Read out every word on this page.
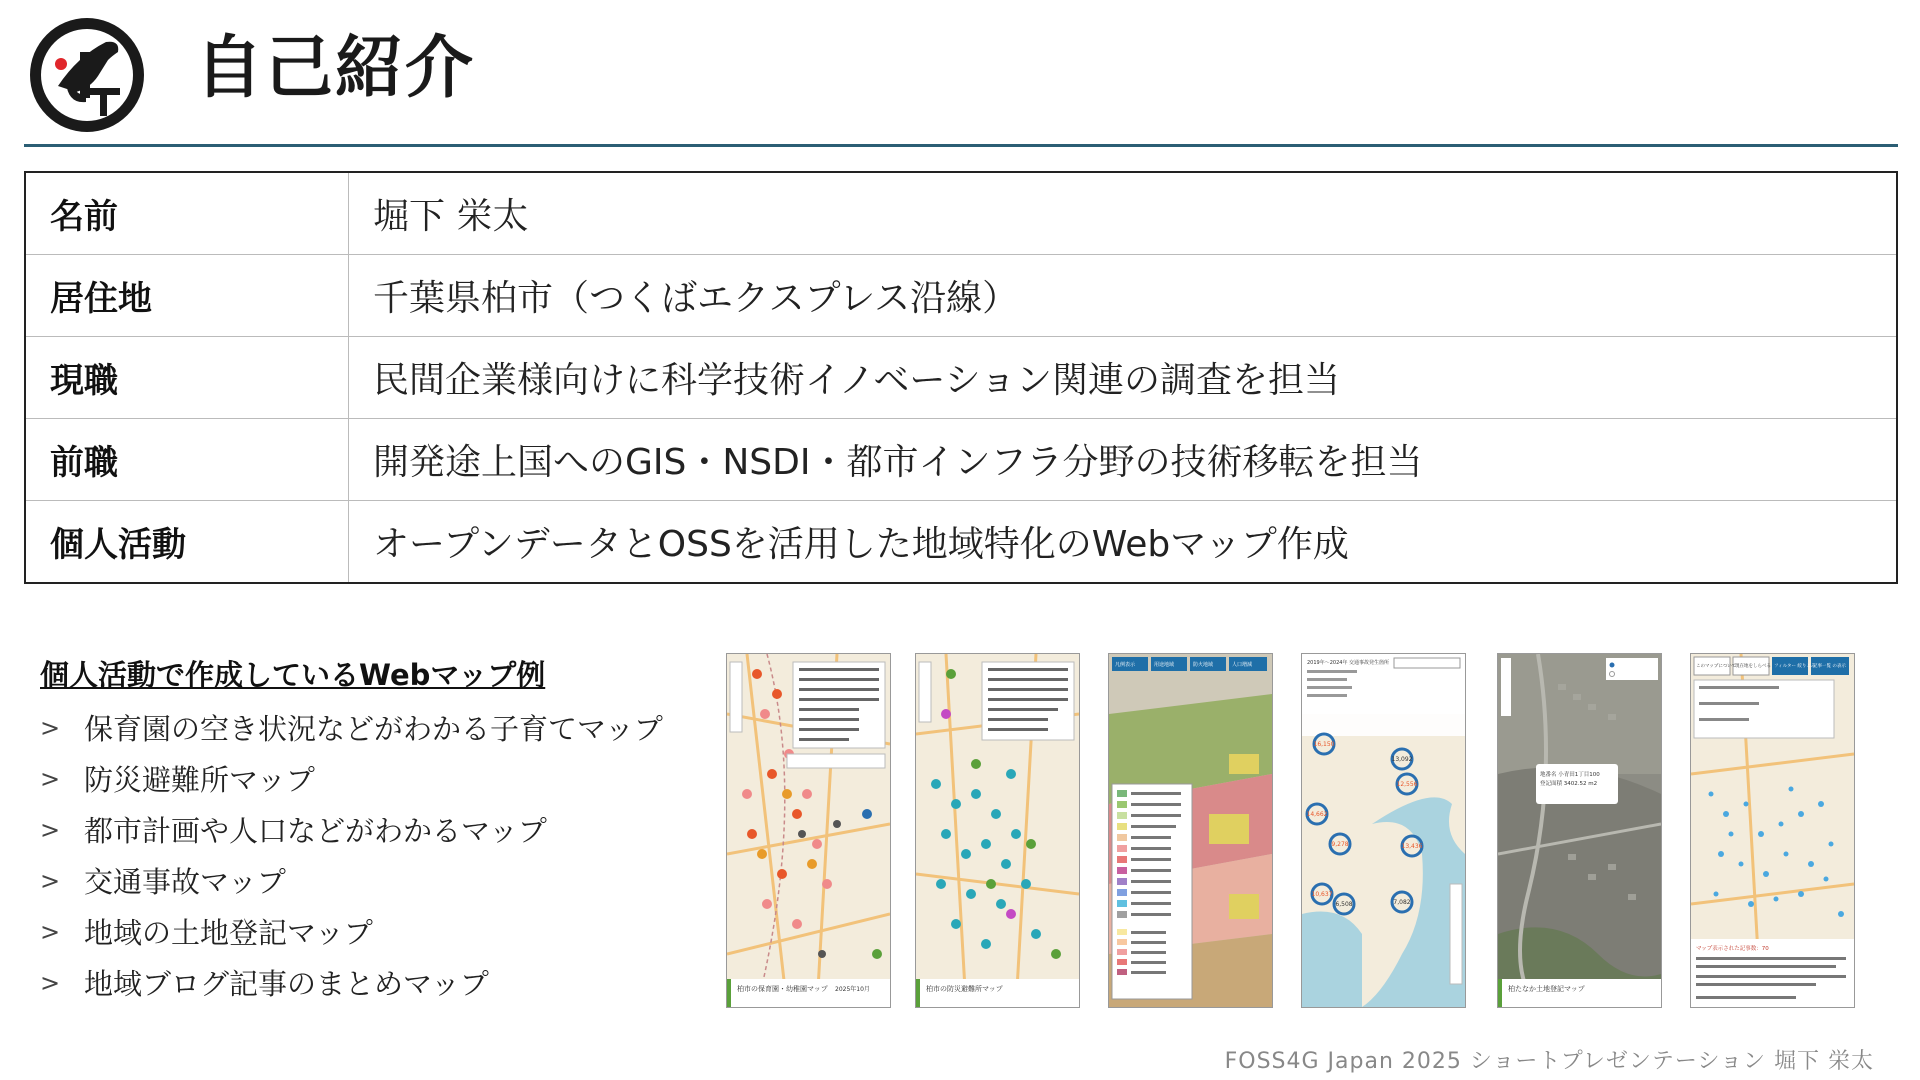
自己紹介
名前	堀下 栄太
居住地	千葉県柏市（つくばエクスプレス沿線）
現職	民間企業様向けに科学技術イノベーション関連の調査を担当
前職	開発途上国へのGIS・NSDI・都市インフラ分野の技術移転を担当
個人活動	オープンデータとOSSを活用した地域特化のWebマップ作成
個人活動で作成しているWebマップ例
> 保育園の空き状況などがわかる子育てマップ
> 防災避難所マップ
> 都市計画や人口などがわかるマップ
> 交通事故マップ
> 地域の土地登記マップ
> 地域ブログ記事のまとめマップ	柏市の保育園・幼稚園マップ 2025年10月	柏市の防災避難所マップ
凡例表示	用途地域	防火地域	人口増減	2019年〜2024年 交通事故発生箇所
16,150
13,092
12,556
14,662
9,278	13,436
10,637
6,508	7,082
地番名 小青田1丁目100
登記面積 3402.52 m2
柏たなか土地登記マップ
このマップについて
現在地をしらべる フィルター 絞りこみ
記事一覧 の表示
マップ表示された記事数：70
FOSS4G Japan 2025 ショートプレゼンテーション 堀下 栄太
